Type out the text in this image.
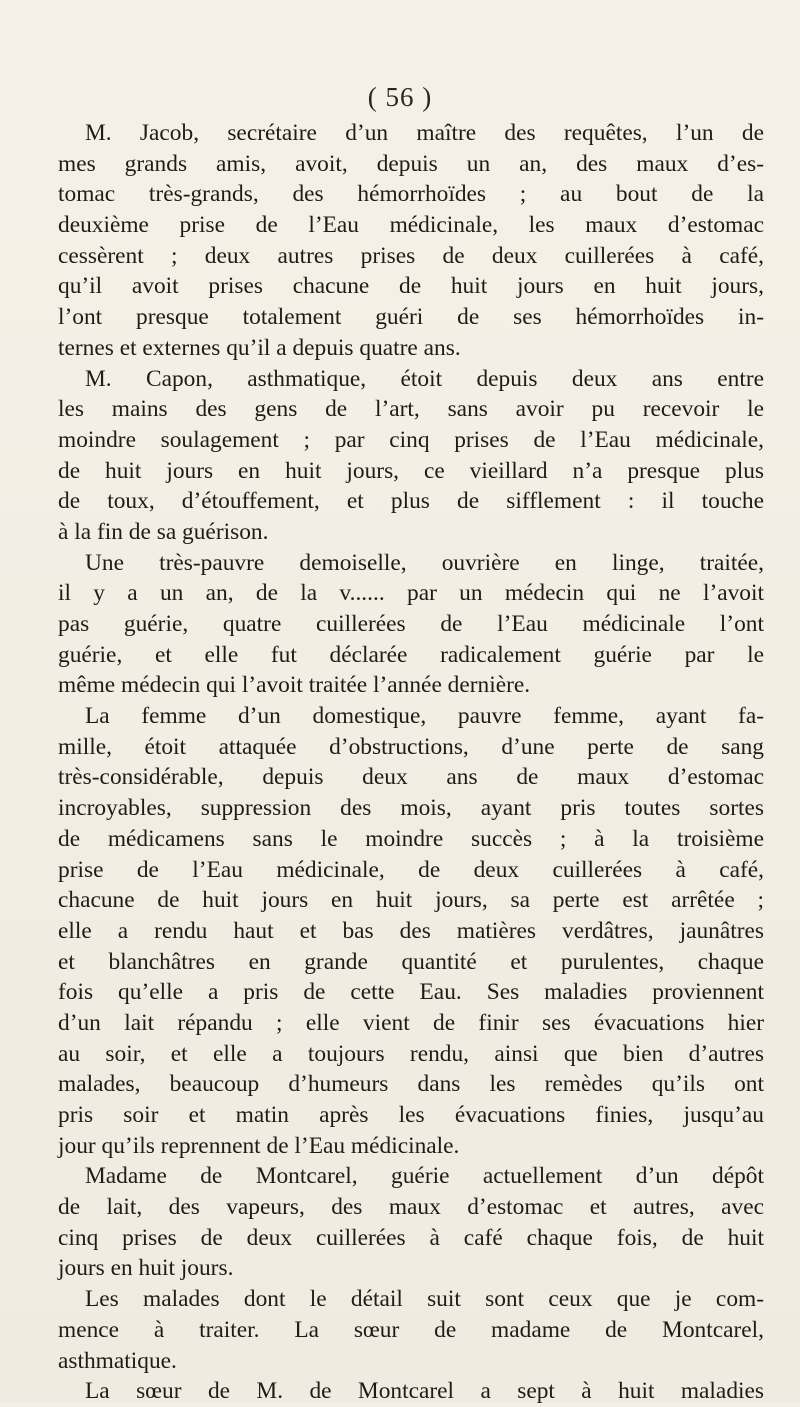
( 56 )
M. Jacob, secrétaire d’un maître des requêtes, l’un de
mes grands amis, avoit, depuis un an, des maux d’es-
tomac très-grands, des hémorrhoïdes ; au bout de la
deuxième prise de l’Eau médicinale, les maux d’estomac
cessèrent ; deux autres prises de deux cuillerées à café,
qu’il avoit prises chacune de huit jours en huit jours,
l’ont presque totalement guéri de ses hémorrhoïdes in-
ternes et externes qu’il a depuis quatre ans.
M. Capon, asthmatique, étoit depuis deux ans entre
les mains des gens de l’art, sans avoir pu recevoir le
moindre soulagement ; par cinq prises de l’Eau médicinale,
de huit jours en huit jours, ce vieillard n’a presque plus
de toux, d’étouffement, et plus de sifflement : il touche
à la fin de sa guérison.
Une très-pauvre demoiselle, ouvrière en linge, traitée,
il y a un an, de la v...... par un médecin qui ne l’avoit
pas guérie, quatre cuillerées de l’Eau médicinale l’ont
guérie, et elle fut déclarée radicalement guérie par le
même médecin qui l’avoit traitée l’année dernière.
La femme d’un domestique, pauvre femme, ayant fa-
mille, étoit attaquée d’obstructions, d’une perte de sang
très-considérable, depuis deux ans de maux d’estomac
incroyables, suppression des mois, ayant pris toutes sortes
de médicamens sans le moindre succès ; à la troisième
prise de l’Eau médicinale, de deux cuillerées à café,
chacune de huit jours en huit jours, sa perte est arrêtée ;
elle a rendu haut et bas des matières verdâtres, jaunâtres
et blanchâtres en grande quantité et purulentes, chaque
fois qu’elle a pris de cette Eau. Ses maladies proviennent
d’un lait répandu ; elle vient de finir ses évacuations hier
au soir, et elle a toujours rendu, ainsi que bien d’autres
malades, beaucoup d’humeurs dans les remèdes qu’ils ont
pris soir et matin après les évacuations finies, jusqu’au
jour qu’ils reprennent de l’Eau médicinale.
Madame de Montcarel, guérie actuellement d’un dépôt
de lait, des vapeurs, des maux d’estomac et autres, avec
cinq prises de deux cuillerées à café chaque fois, de huit
jours en huit jours.
Les malades dont le détail suit sont ceux que je com-
mence à traiter. La sœur de madame de Montcarel,
asthmatique.
La sœur de M. de Montcarel a sept à huit maladies
